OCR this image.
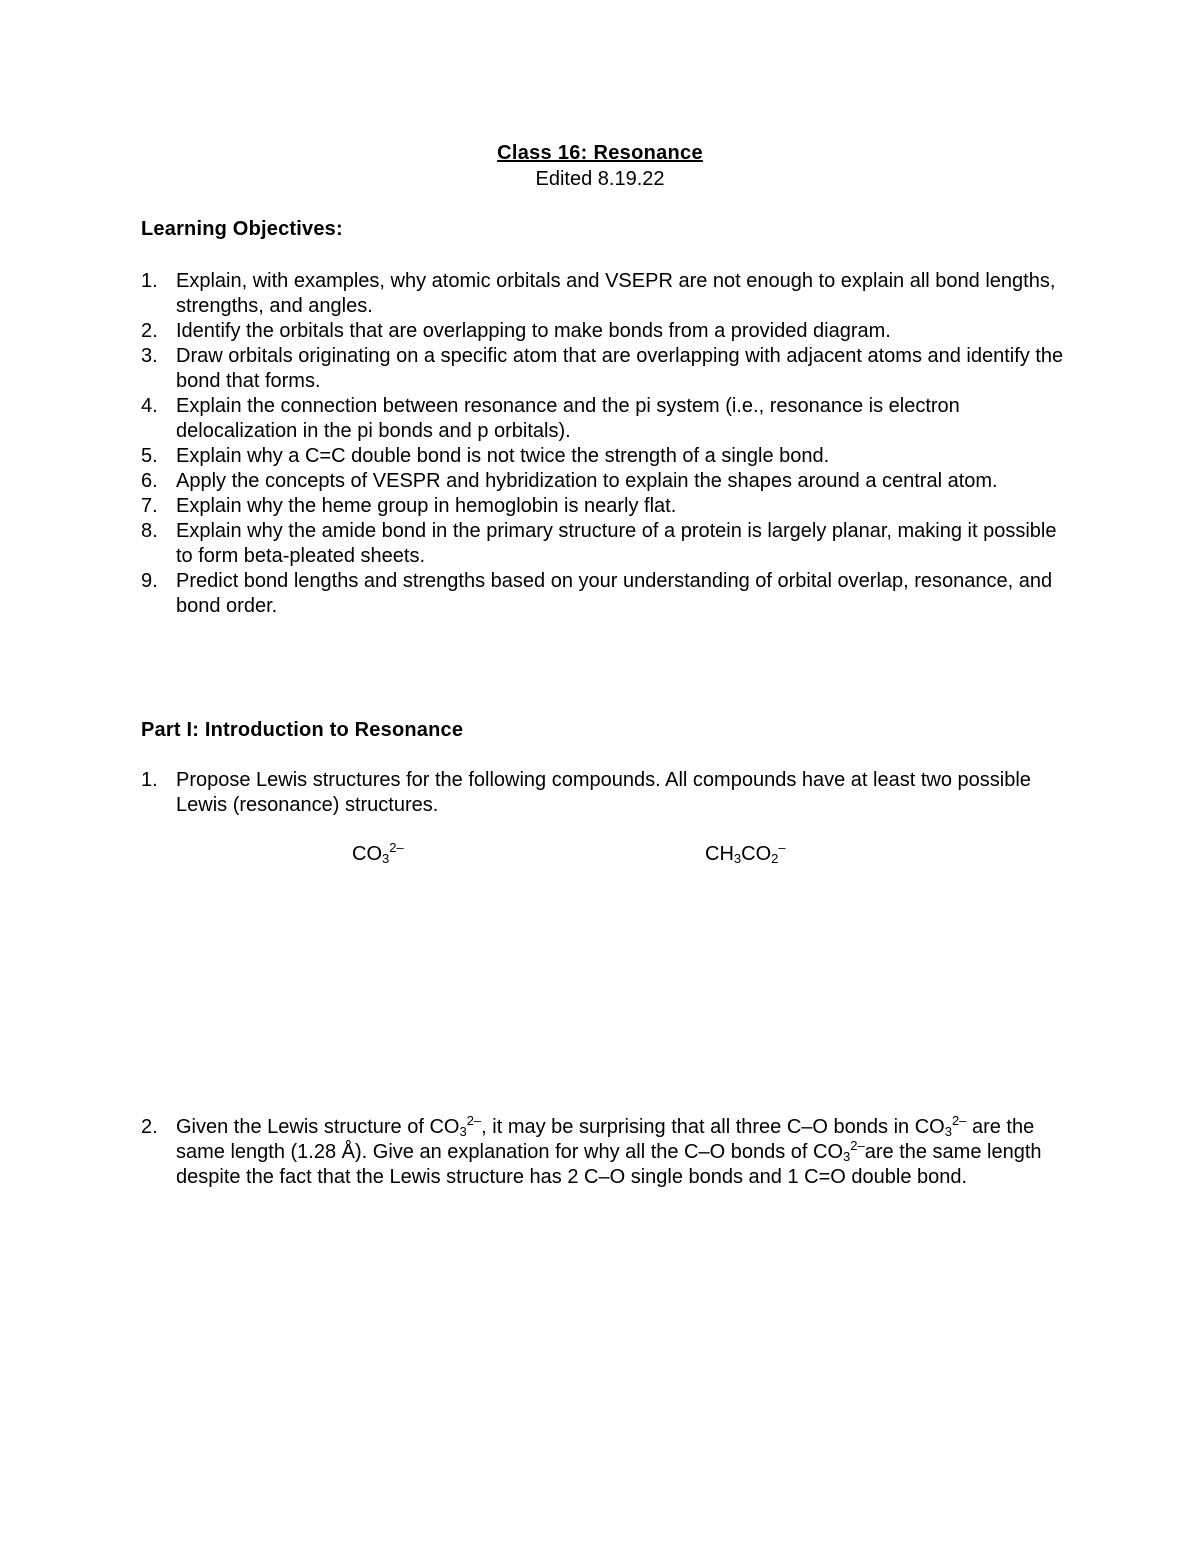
Class 16: Resonance
Edited 8.19.22
Learning Objectives:
1. Explain, with examples, why atomic orbitals and VSEPR are not enough to explain all bond lengths, strengths, and angles.
2. Identify the orbitals that are overlapping to make bonds from a provided diagram.
3. Draw orbitals originating on a specific atom that are overlapping with adjacent atoms and identify the bond that forms.
4. Explain the connection between resonance and the pi system (i.e., resonance is electron delocalization in the pi bonds and p orbitals).
5. Explain why a C=C double bond is not twice the strength of a single bond.
6. Apply the concepts of VESPR and hybridization to explain the shapes around a central atom.
7. Explain why the heme group in hemoglobin is nearly flat.
8. Explain why the amide bond in the primary structure of a protein is largely planar, making it possible to form beta-pleated sheets.
9. Predict bond lengths and strengths based on your understanding of orbital overlap, resonance, and bond order.
Part I: Introduction to Resonance
1. Propose Lewis structures for the following compounds. All compounds have at least two possible Lewis (resonance) structures.
$CO_3^{2-}$	$CH_3CO_2^-$
2. Given the Lewis structure of $CO_3^{2-}$, it may be surprising that all three C–O bonds in $CO_3^{2-}$ are the same length (1.28 Å). Give an explanation for why all the C–O bonds of $CO_3^{2-}are$ the same length despite the fact that the Lewis structure has 2 C–O single bonds and 1 C=O double bond.
